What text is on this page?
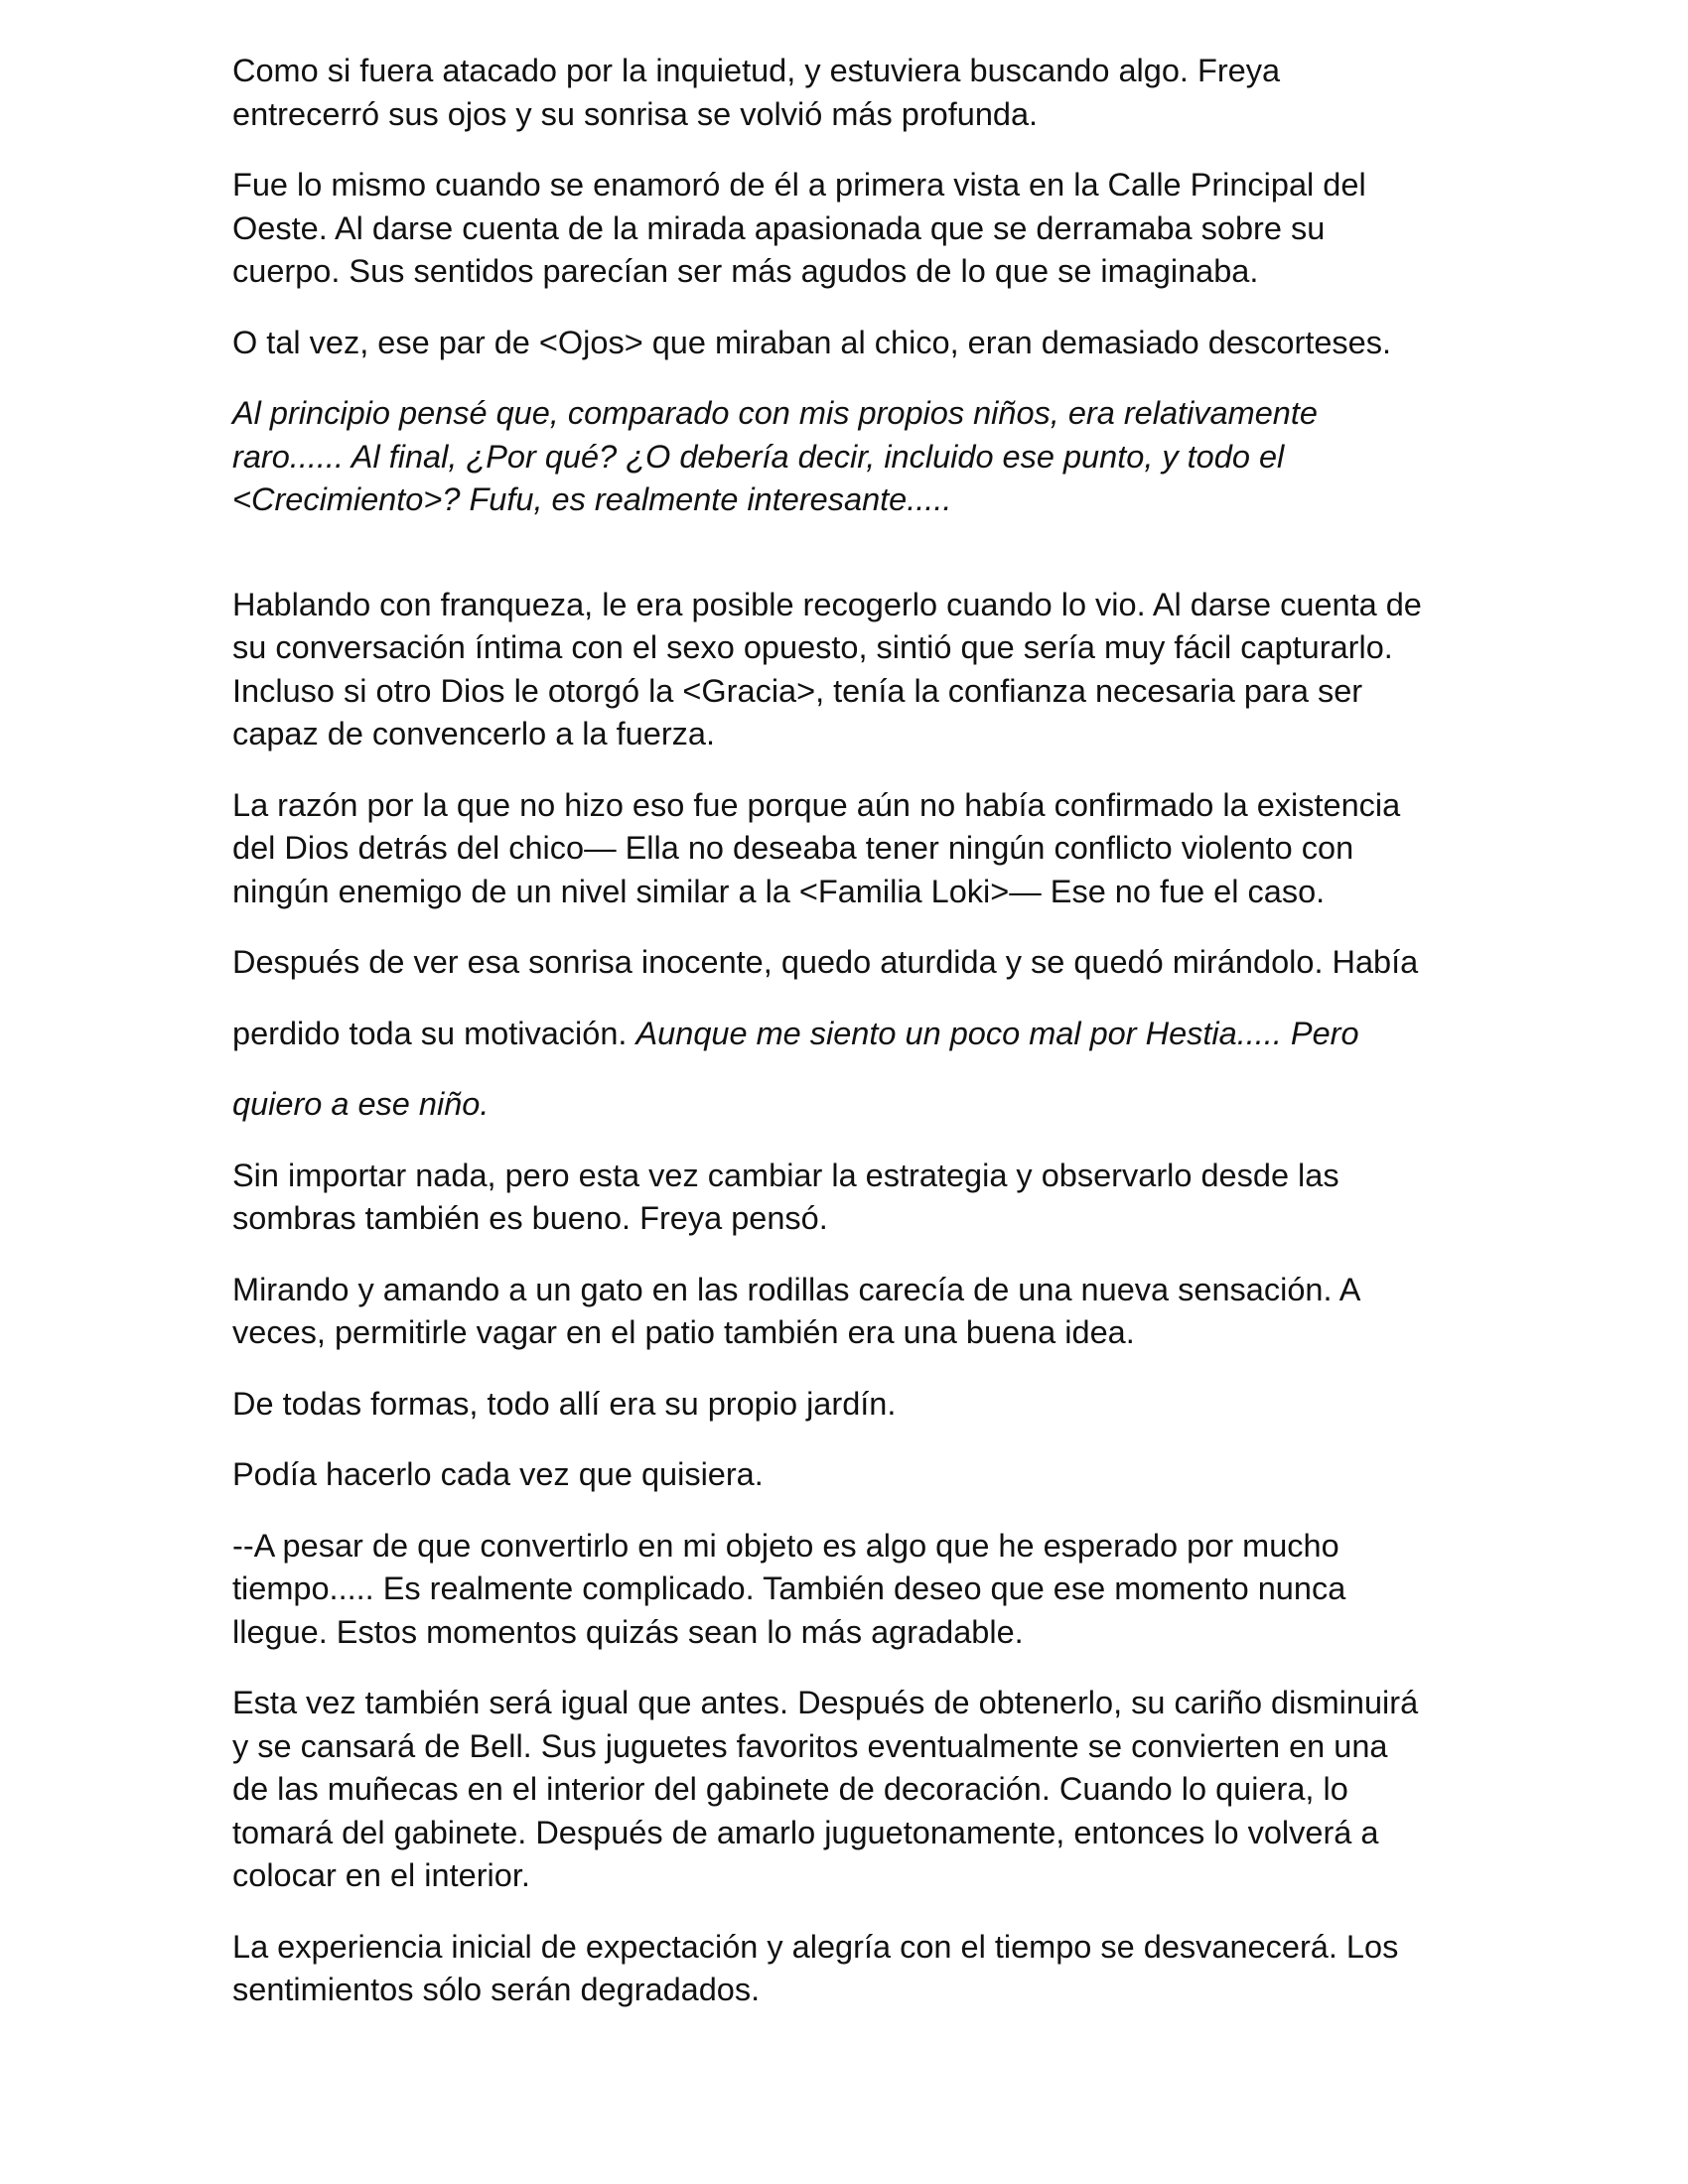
Como si fuera atacado por la inquietud, y estuviera buscando algo. Freya
entrecerró sus ojos y su sonrisa se volvió más profunda.

Fue lo mismo cuando se enamoró de él a primera vista en la Calle Principal del
Oeste. Al darse cuenta de la mirada apasionada que se derramaba sobre su
cuerpo. Sus sentidos parecían ser más agudos de lo que se imaginaba.

O tal vez, ese par de <Ojos> que miraban al chico, eran demasiado descorteses.

Al principio pensé que, comparado con mis propios niños, era relativamente
raro...... Al final, ¿Por qué? ¿O debería decir, incluido ese punto, y todo el
<Crecimiento>? Fufu, es realmente interesante.....

Hablando con franqueza, le era posible recogerlo cuando lo vio. Al darse cuenta de
su conversación íntima con el sexo opuesto, sintió que sería muy fácil capturarlo.
Incluso si otro Dios le otorgó la <Gracia>, tenía la confianza necesaria para ser
capaz de convencerlo a la fuerza.

La razón por la que no hizo eso fue porque aún no había confirmado la existencia
del Dios detrás del chico— Ella no deseaba tener ningún conflicto violento con
ningún enemigo de un nivel similar a la <Familia Loki>— Ese no fue el caso.

Después de ver esa sonrisa inocente, quedo aturdida y se quedó mirándolo. Había

perdido toda su motivación. Aunque me siento un poco mal por Hestia..... Pero

quiero a ese niño.

Sin importar nada, pero esta vez cambiar la estrategia y observarlo desde las
sombras también es bueno. Freya pensó.

Mirando y amando a un gato en las rodillas carecía de una nueva sensación. A
veces, permitirle vagar en el patio también era una buena idea.

De todas formas, todo allí era su propio jardín.

Podía hacerlo cada vez que quisiera.

--A pesar de que convertirlo en mi objeto es algo que he esperado por mucho
tiempo..... Es realmente complicado. También deseo que ese momento nunca
llegue. Estos momentos quizás sean lo más agradable.

Esta vez también será igual que antes. Después de obtenerlo, su cariño disminuirá
y se cansará de Bell. Sus juguetes favoritos eventualmente se convierten en una
de las muñecas en el interior del gabinete de decoración. Cuando lo quiera, lo
tomará del gabinete. Después de amarlo juguetonamente, entonces lo volverá a
colocar en el interior.

La experiencia inicial de expectación y alegría con el tiempo se desvanecerá. Los
sentimientos sólo serán degradados.
